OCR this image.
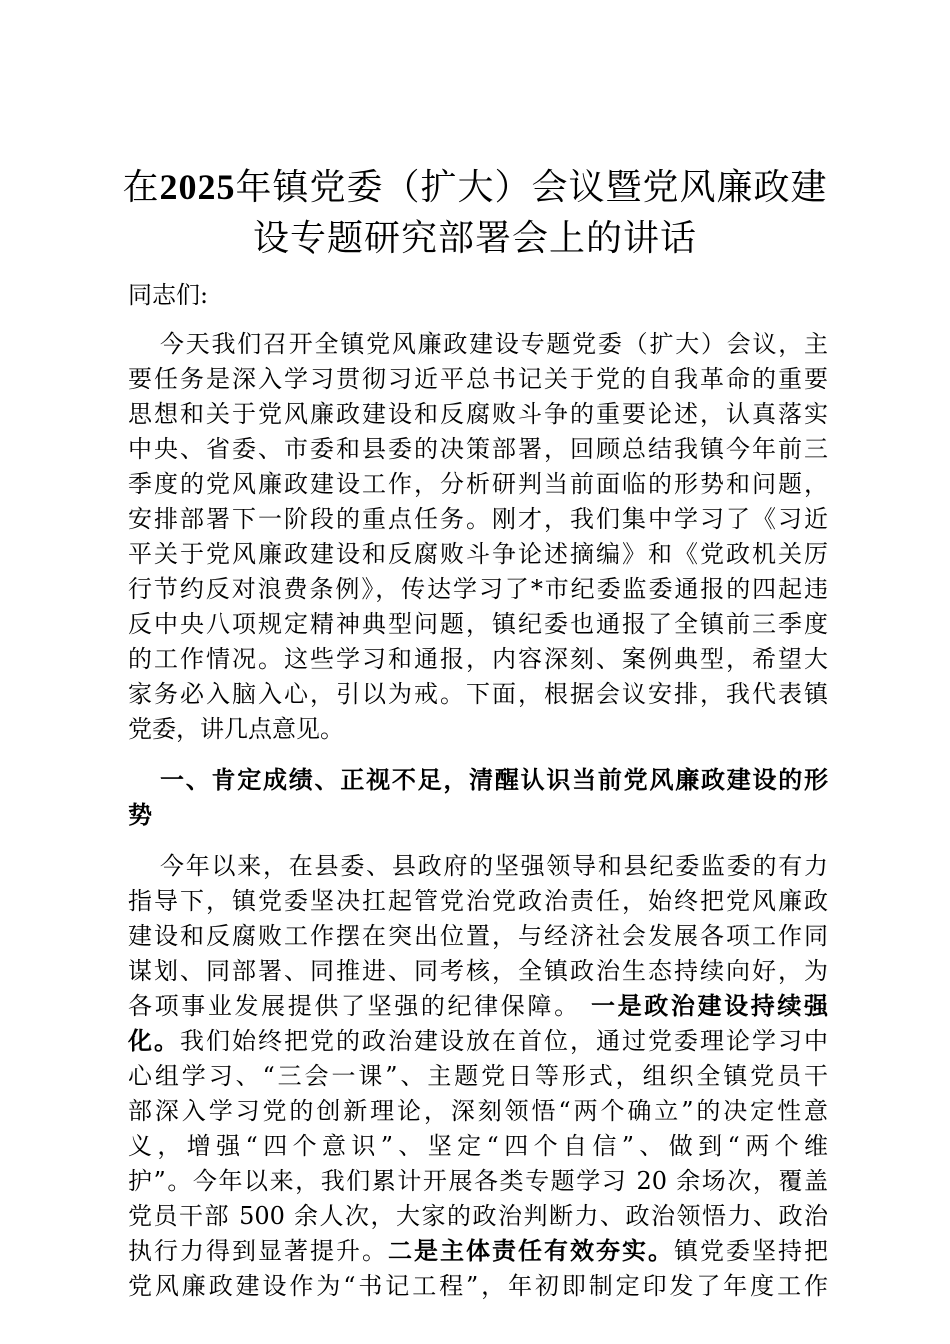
在2025年镇党委（扩大）会议暨党风廉政建
设专题研究部署会上的讲话
同志们:
今天我们召开全镇党风廉政建设专题党委（扩大）会议，主
要任务是深入学习贯彻习近平总书记关于党的自我革命的重要
思想和关于党风廉政建设和反腐败斗争的重要论述，认真落实
中央、省委、市委和县委的决策部署，回顾总结我镇今年前三
季度的党风廉政建设工作，分析研判当前面临的形势和问题，
安排部署下一阶段的重点任务。刚才，我们集中学习了《习近
平关于党风廉政建设和反腐败斗争论述摘编》和《党政机关厉
行节约反对浪费条例》，传达学习了*市纪委监委通报的四起违
反中央八项规定精神典型问题，镇纪委也通报了全镇前三季度
的工作情况。这些学习和通报，内容深刻、案例典型，希望大
家务必入脑入心，引以为戒。下面，根据会议安排，我代表镇
党委，讲几点意见。
一、肯定成绩、正视不足，清醒认识当前党风廉政建设的形
势
今年以来，在县委、县政府的坚强领导和县纪委监委的有力
指导下，镇党委坚决扛起管党治党政治责任，始终把党风廉政
建设和反腐败工作摆在突出位置，与经济社会发展各项工作同
谋划、同部署、同推进、同考核，全镇政治生态持续向好，为
各项事业发展提供了坚强的纪律保障。 一是政治建设持续强
化。我们始终把党的政治建设放在首位，通过党委理论学习中
心组学习、“三会一课”、主题党日等形式，组织全镇党员干
部深入学习党的创新理论，深刻领悟“两个确立”的决定性意
义，增强“四个意识”、坚定“四个自信”、做到“两个维
护”。今年以来，我们累计开展各类专题学习 20 余场次，覆盖
党员干部 500 余人次，大家的政治判断力、政治领悟力、政治
执行力得到显著提升。二是主体责任有效夯实。镇党委坚持把
党风廉政建设作为“书记工程”，年初即制定印发了年度工作
